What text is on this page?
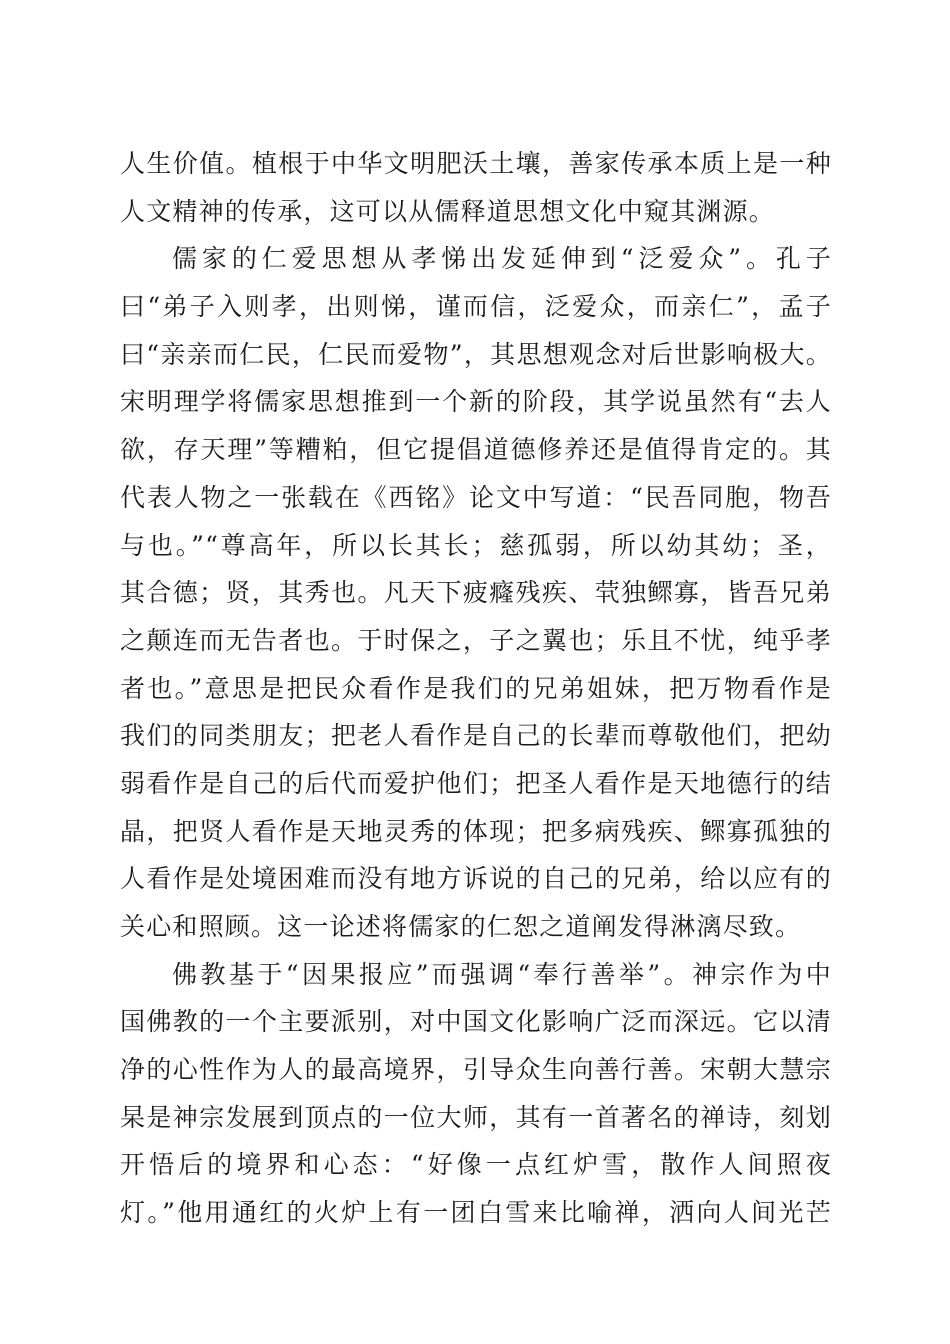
人生价值。植根于中华文明肥沃土壤，善家传承本质上是一种
人文精神的传承，这可以从儒释道思想文化中窥其渊源。
儒家的仁爱思想从孝悌出发延伸到“泛爱众”。孔子
曰“弟子入则孝，出则悌，谨而信，泛爱众，而亲仁”，孟子
曰“亲亲而仁民，仁民而爱物”，其思想观念对后世影响极大。
宋明理学将儒家思想推到一个新的阶段，其学说虽然有“去人
欲，存天理”等糟粕，但它提倡道德修养还是值得肯定的。其
代表人物之一张载在《西铭》论文中写道：“民吾同胞，物吾
与也。”“尊高年，所以长其长；慈孤弱，所以幼其幼；圣，
其合德；贤，其秀也。凡天下疲癃残疾、茕独鳏寡，皆吾兄弟
之颠连而无告者也。于时保之，子之翼也；乐且不忧，纯乎孝
者也。”意思是把民众看作是我们的兄弟姐妹，把万物看作是
我们的同类朋友；把老人看作是自己的长辈而尊敬他们，把幼
弱看作是自己的后代而爱护他们；把圣人看作是天地德行的结
晶，把贤人看作是天地灵秀的体现；把多病残疾、鳏寡孤独的
人看作是处境困难而没有地方诉说的自己的兄弟，给以应有的
关心和照顾。这一论述将儒家的仁恕之道阐发得淋漓尽致。
佛教基于“因果报应”而强调“奉行善举”。神宗作为中
国佛教的一个主要派别，对中国文化影响广泛而深远。它以清
净的心性作为人的最高境界，引导众生向善行善。宋朝大慧宗
杲是神宗发展到顶点的一位大师，其有一首著名的禅诗，刻划
开悟后的境界和心态：“好像一点红炉雪，散作人间照夜
灯。”他用通红的火炉上有一团白雪来比喻禅，洒向人间光芒
